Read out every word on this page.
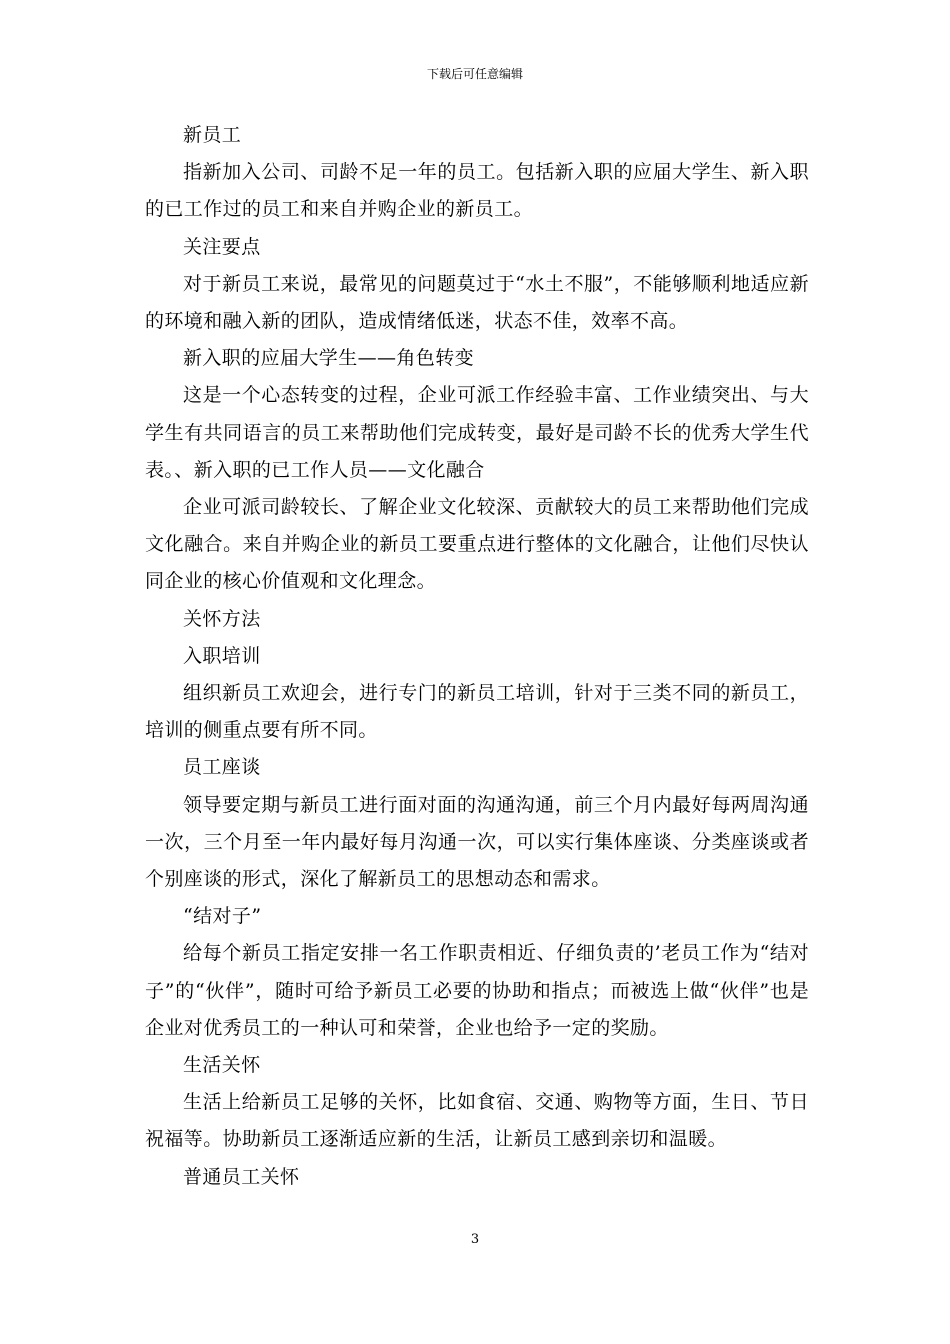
下载后可任意编辑

新员工

指新加入公司、司龄不足一年的员工。包括新入职的应届大学生、新入职的已工作过的员工和来自并购企业的新员工。

关注要点

对于新员工来说，最常见的问题莫过于“水土不服”，不能够顺利地适应新的环境和融入新的团队，造成情绪低迷，状态不佳，效率不高。

新入职的应届大学生——角色转变

这是一个心态转变的过程，企业可派工作经验丰富、工作业绩突出、与大学生有共同语言的员工来帮助他们完成转变，最好是司龄不长的优秀大学生代表。、新入职的已工作人员——文化融合

企业可派司龄较长、了解企业文化较深、贡献较大的员工来帮助他们完成文化融合。来自并购企业的新员工要重点进行整体的文化融合，让他们尽快认同企业的核心价值观和文化理念。

关怀方法

入职培训

组织新员工欢迎会，进行专门的新员工培训，针对于三类不同的新员工，培训的侧重点要有所不同。

员工座谈

领导要定期与新员工进行面对面的沟通沟通，前三个月内最好每两周沟通一次，三个月至一年内最好每月沟通一次，可以实行集体座谈、分类座谈或者个别座谈的形式，深化了解新员工的思想动态和需求。

“结对子”

给每个新员工指定安排一名工作职责相近、仔细负责的’老员工作为“结对子”的“伙伴”，随时可给予新员工必要的协助和指点；而被选上做“伙伴”也是企业对优秀员工的一种认可和荣誉，企业也给予一定的奖励。

生活关怀

生活上给新员工足够的关怀，比如食宿、交通、购物等方面，生日、节日祝福等。协助新员工逐渐适应新的生活，让新员工感到亲切和温暖。

普通员工关怀

3
